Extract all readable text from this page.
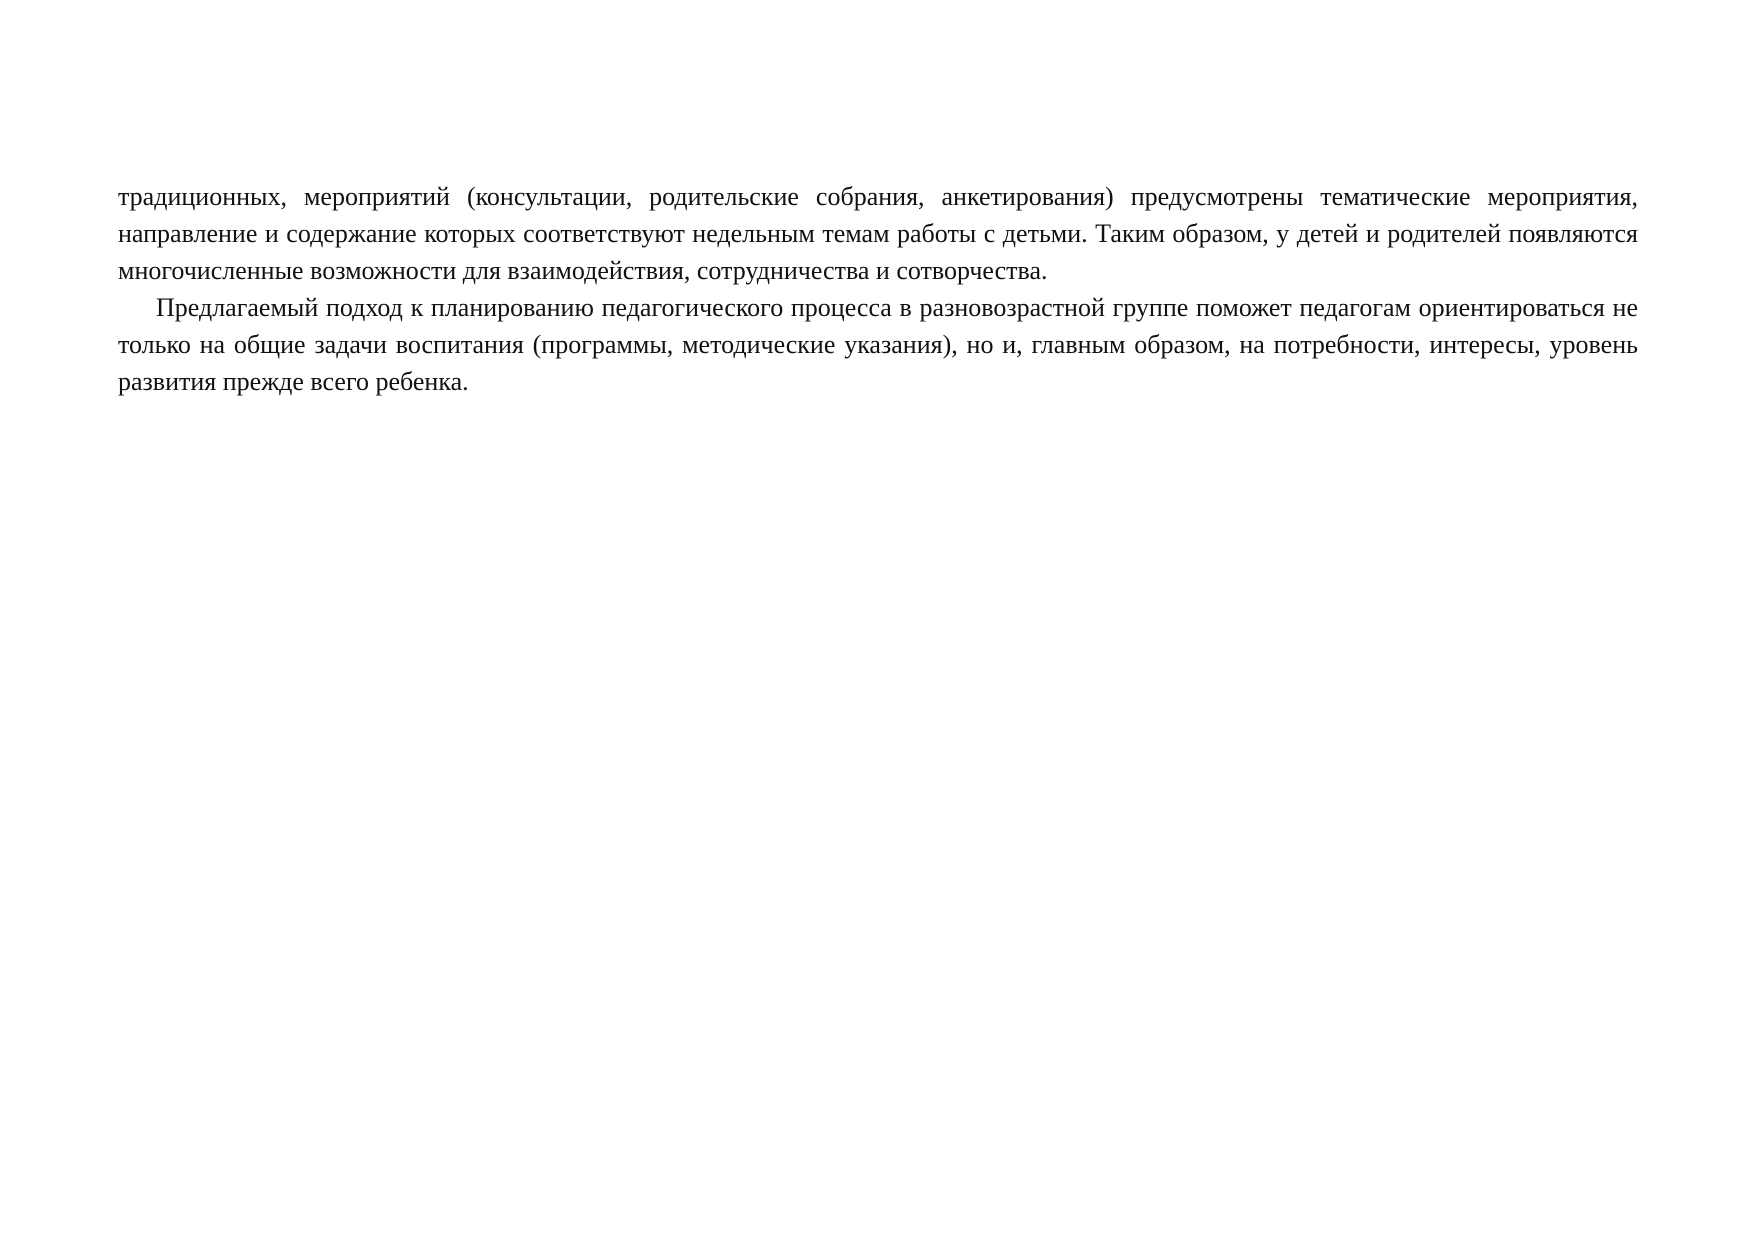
традиционных, мероприятий (консультации, родительские собрания, анкетирования) предусмотрены тематические мероприятия, направление и содержание которых соответствуют недельным темам работы с детьми. Таким образом, у детей и родителей появляются многочисленные возможности для взаимодействия, сотрудничества и сотворчества.

Предлагаемый подход к планированию педагогического процесса в разновозрастной группе поможет педагогам ориентироваться не только на общие задачи воспитания (программы, методические указания), но и, главным образом, на потребности, интересы, уровень развития прежде всего ребенка.
